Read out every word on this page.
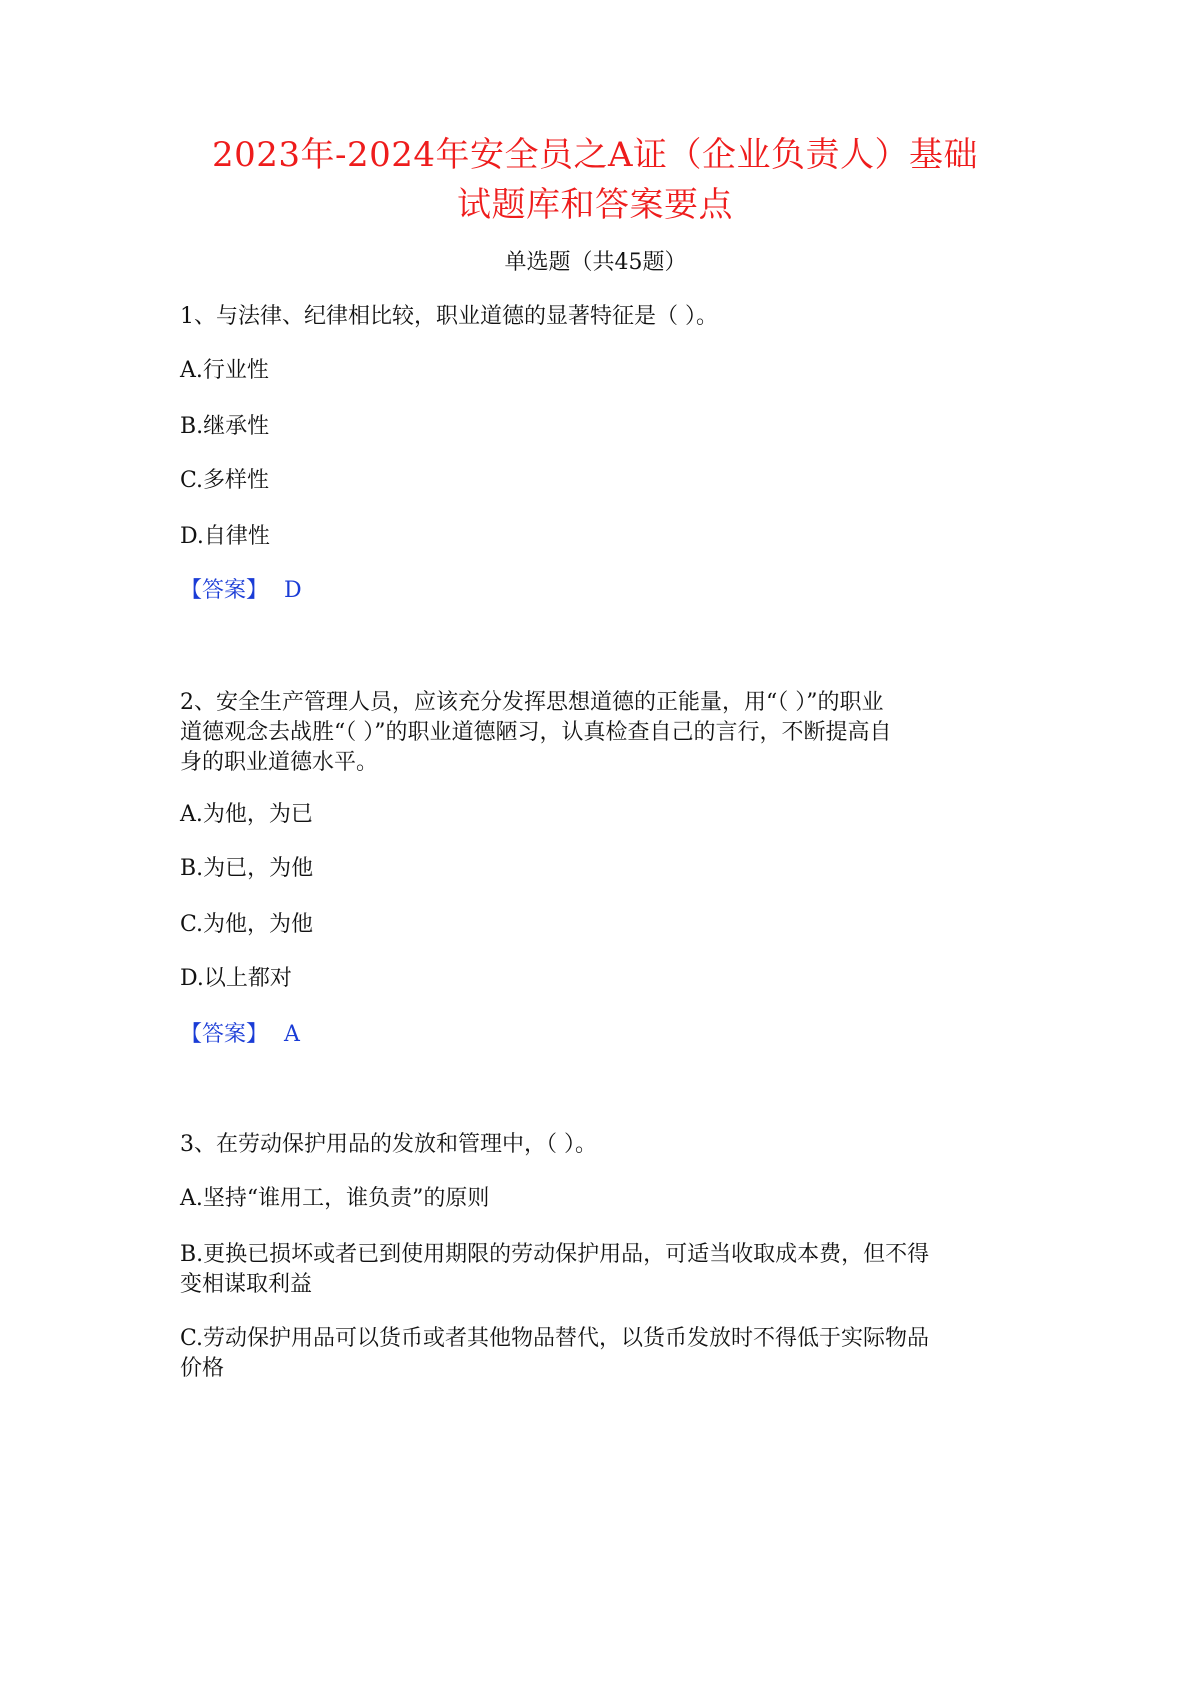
2023年-2024年安全员之A证（企业负责人）基础
试题库和答案要点
单选题（共45题）
1、与法律、纪律相比较，职业道德的显著特征是（ ）。
A.行业性
B.继承性
C.多样性
D.自律性
【答案】 D
2、安全生产管理人员，应该充分发挥思想道德的正能量，用“（ ）”的职业
道德观念去战胜“（ ）”的职业道德陋习，认真检查自己的言行，不断提高自
身的职业道德水平。
A.为他，为已
B.为已，为他
C.为他，为他
D.以上都对
【答案】 A
3、在劳动保护用品的发放和管理中，（ ）。
A.坚持“谁用工，谁负责”的原则
B.更换已损坏或者已到使用期限的劳动保护用品，可适当收取成本费，但不得
变相谋取利益
C.劳动保护用品可以货币或者其他物品替代，以货币发放时不得低于实际物品
价格
